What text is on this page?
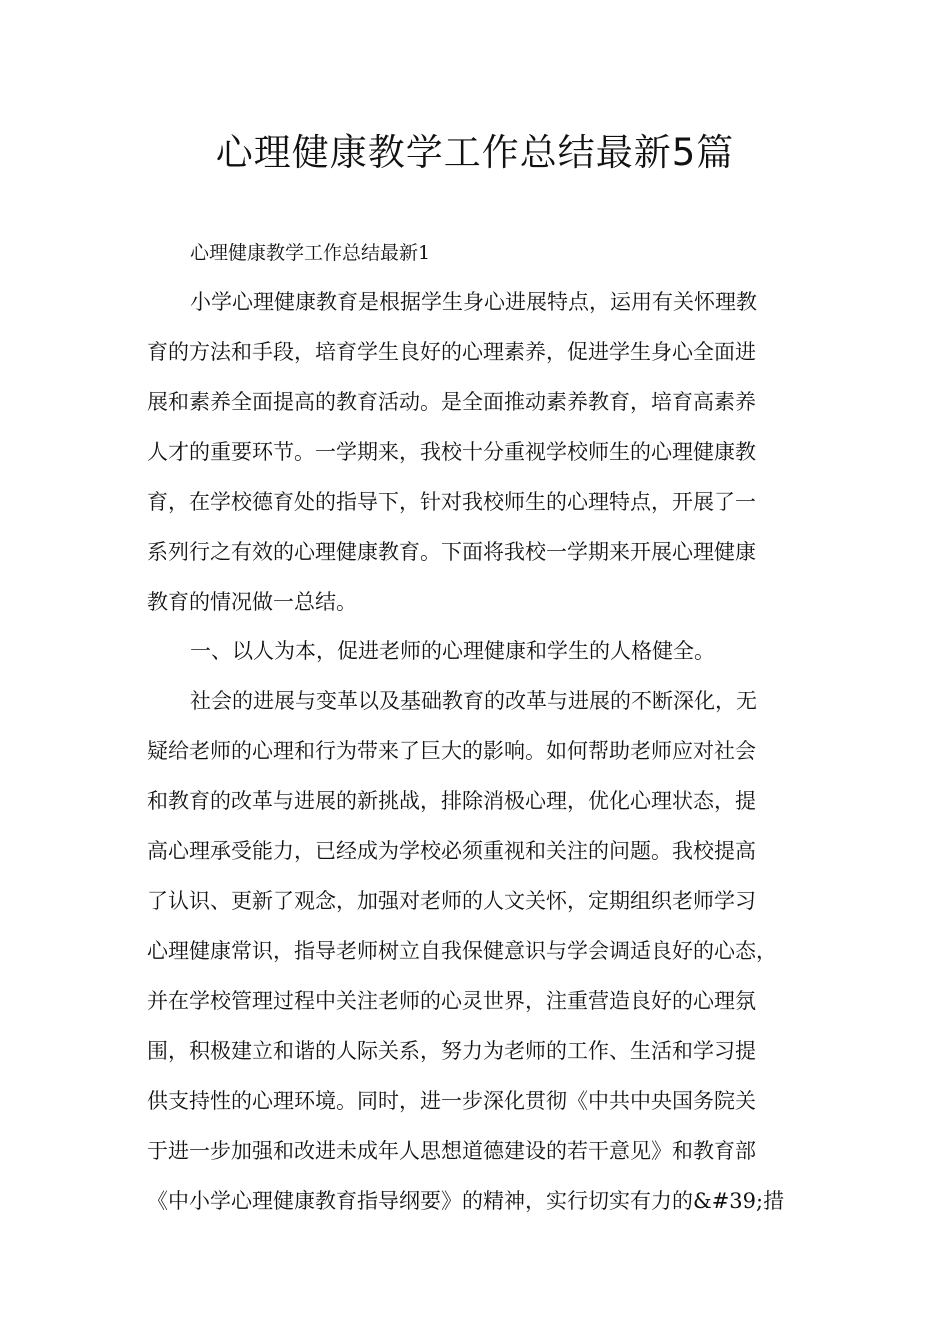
心理健康教学工作总结最新5篇

心理健康教学工作总结最新1

小学心理健康教育是根据学生身心进展特点，运用有关怀理教

育的方法和手段，培育学生良好的心理素养，促进学生身心全面进

展和素养全面提高的教育活动。是全面推动素养教育，培育高素养

人才的重要环节。一学期来，我校十分重视学校师生的心理健康教

育，在学校德育处的指导下，针对我校师生的心理特点，开展了一

系列行之有效的心理健康教育。下面将我校一学期来开展心理健康

教育的情况做一总结。

一、以人为本，促进老师的心理健康和学生的人格健全。

社会的进展与变革以及基础教育的改革与进展的不断深化，无

疑给老师的心理和行为带来了巨大的影响。如何帮助老师应对社会

和教育的改革与进展的新挑战，排除消极心理，优化心理状态，提

高心理承受能力，已经成为学校必须重视和关注的问题。我校提高

了认识、更新了观念，加强对老师的人文关怀，定期组织老师学习

心理健康常识，指导老师树立自我保健意识与学会调适良好的心态，

并在学校管理过程中关注老师的心灵世界，注重营造良好的心理氛

围，积极建立和谐的人际关系，努力为老师的工作、生活和学习提

供支持性的心理环境。同时，进一步深化贯彻《中共中央国务院关

于进一步加强和改进未成年人思想道德建设的若干意见》和教育部

《中小学心理健康教育指导纲要》的精神，实行切实有力的&#39;措
